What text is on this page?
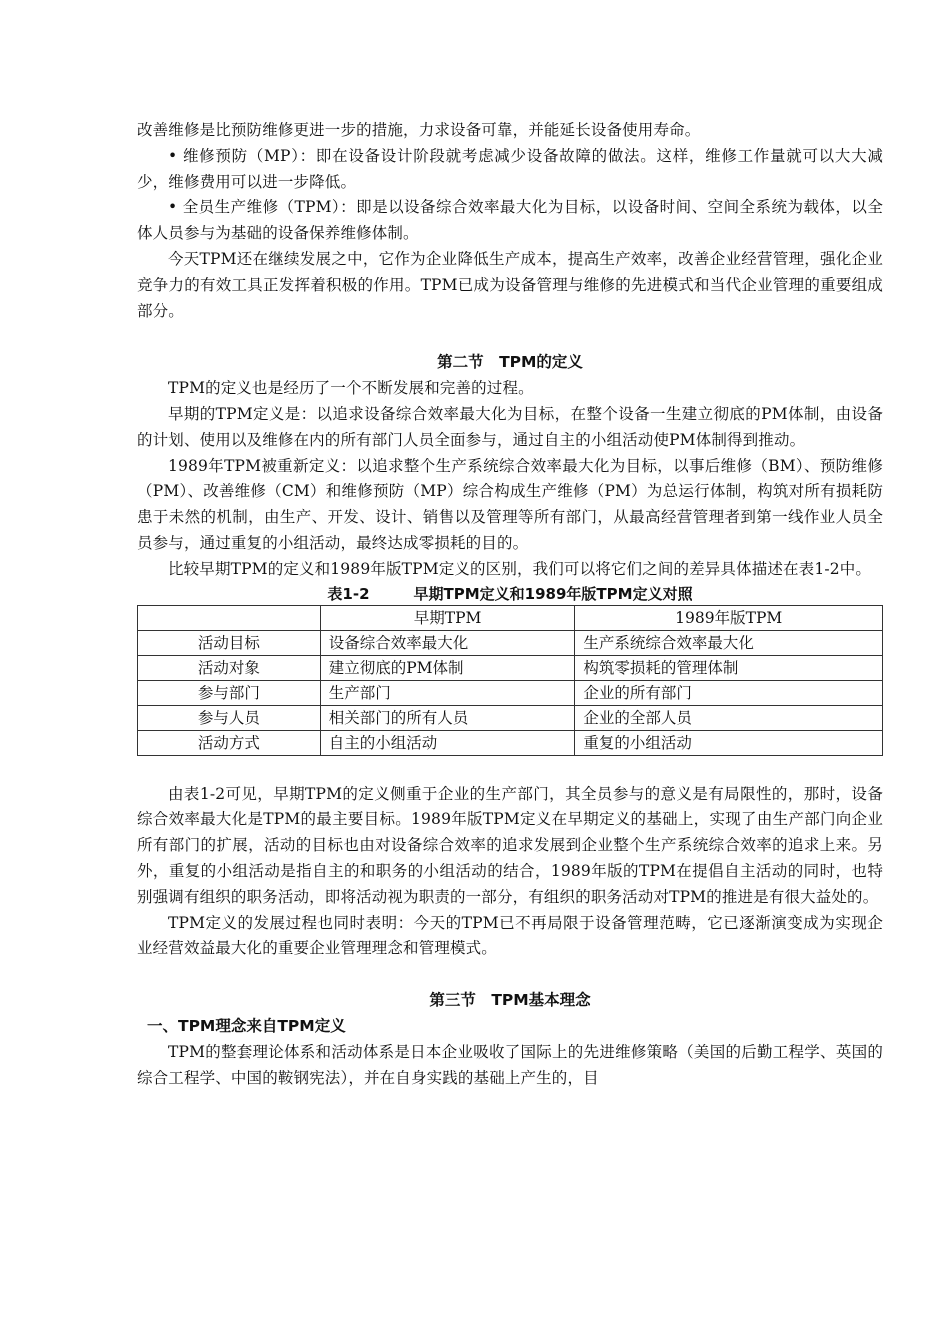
改善维修是比预防维修更进一步的措施，力求设备可靠，并能延长设备使用寿命。

• 维修预防（MP）：即在设备设计阶段就考虑减少设备故障的做法。这样，维修工作量就可以大大减少，维修费用可以进一步降低。

• 全员生产维修（TPM）：即是以设备综合效率最大化为目标，以设备时间、空间全系统为载体，以全体人员参与为基础的设备保养维修体制。

今天TPM还在继续发展之中，它作为企业降低生产成本，提高生产效率，改善企业经营管理，强化企业竞争力的有效工具正发挥着积极的作用。TPM已成为设备管理与维修的先进模式和当代企业管理的重要组成部分。

第二节　TPM的定义

TPM的定义也是经历了一个不断发展和完善的过程。

早期的TPM定义是：以追求设备综合效率最大化为目标，在整个设备一生建立彻底的PM体制，由设备的计划、使用以及维修在内的所有部门人员全面参与，通过自主的小组活动使PM体制得到推动。

1989年TPM被重新定义：以追求整个生产系统综合效率最大化为目标，以事后维修（BM）、预防维修（PM）、改善维修（CM）和维修预防（MP）综合构成生产维修（PM）为总运行体制，构筑对所有损耗防患于未然的机制，由生产、开发、设计、销售以及管理等所有部门，从最高经营管理者到第一线作业人员全员参与，通过重复的小组活动，最终达成零损耗的目的。

比较早期TPM的定义和1989年版TPM定义的区别，我们可以将它们之间的差异具体描述在表1-2中。

表1-2	早期TPM定义和1989年版TPM定义对照
	早期TPM	1989年版TPM
活动目标	设备综合效率最大化	生产系统综合效率最大化
活动对象	建立彻底的PM体制	构筑零损耗的管理体制
参与部门	生产部门	企业的所有部门
参与人员	相关部门的所有人员	企业的全部人员
活动方式	自主的小组活动	重复的小组活动

由表1-2可见，早期TPM的定义侧重于企业的生产部门，其全员参与的意义是有局限性的，那时，设备综合效率最大化是TPM的最主要目标。1989年版TPM定义在早期定义的基础上，实现了由生产部门向企业所有部门的扩展，活动的目标也由对设备综合效率的追求发展到企业整个生产系统综合效率的追求上来。另外，重复的小组活动是指自主的和职务的小组活动的结合，1989年版的TPM在提倡自主活动的同时，也特别强调有组织的职务活动，即将活动视为职责的一部分，有组织的职务活动对TPM的推进是有很大益处的。

TPM定义的发展过程也同时表明：今天的TPM已不再局限于设备管理范畴，它已逐渐演变成为实现企业经营效益最大化的重要企业管理理念和管理模式。

第三节　TPM基本理念
一、TPM理念来自TPM定义

TPM的整套理论体系和活动体系是日本企业吸收了国际上的先进维修策略（美国的后勤工程学、英国的综合工程学、中国的鞍钢宪法），并在自身实践的基础上产生的，目
